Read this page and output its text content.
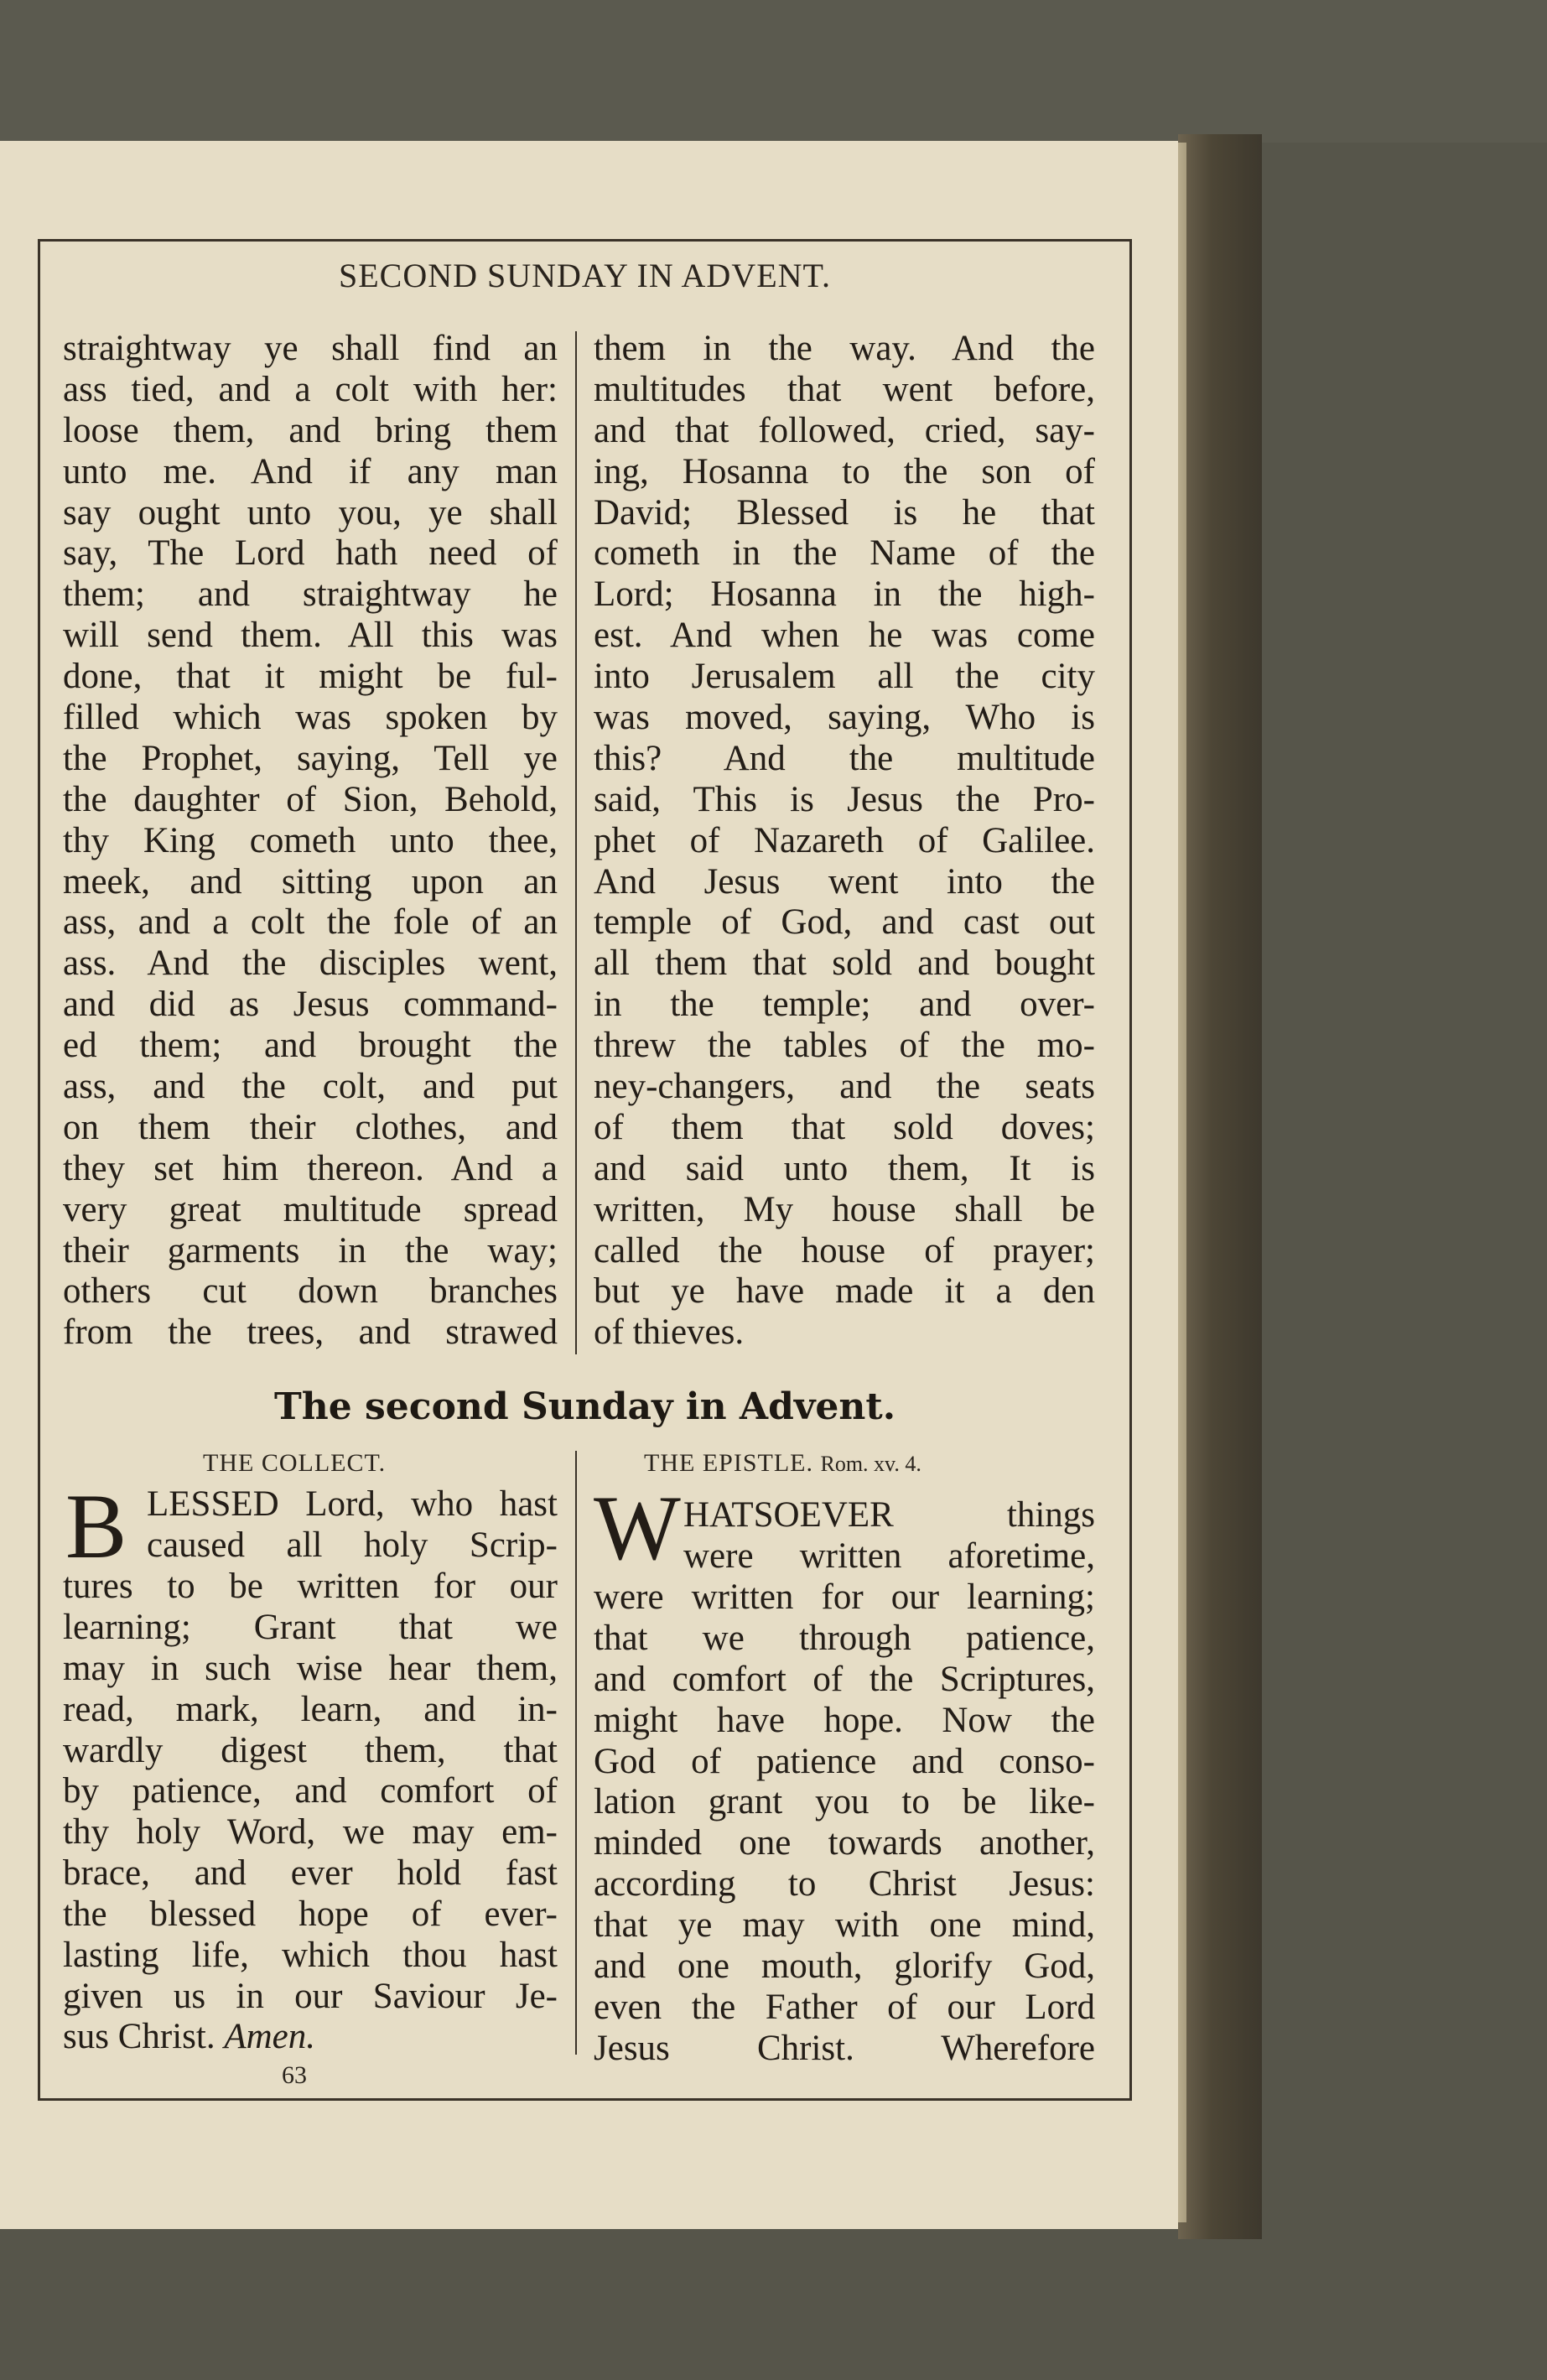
SECOND SUNDAY IN ADVENT.
straightway ye shall find an
ass tied, and a colt with her:
loose them, and bring them
unto me. And if any man
say ought unto you, ye shall
say, The Lord hath need of
them; and straightway he
will send them. All this was
done, that it might be ful-
filled which was spoken by
the Prophet, saying, Tell ye
the daughter of Sion, Behold,
thy King cometh unto thee,
meek, and sitting upon an
ass, and a colt the fole of an
ass. And the disciples went,
and did as Jesus command-
ed them; and brought the
ass, and the colt, and put
on them their clothes, and
they set him thereon. And a
very great multitude spread
their garments in the way;
others cut down branches
from the trees, and strawed
them in the way. And the
multitudes that went before,
and that followed, cried, say-
ing, Hosanna to the son of
David; Blessed is he that
cometh in the Name of the
Lord; Hosanna in the high-
est. And when he was come
into Jerusalem all the city
was moved, saying, Who is
this? And the multitude
said, This is Jesus the Pro-
phet of Nazareth of Galilee.
And Jesus went into the
temple of God, and cast out
all them that sold and bought
in the temple; and over-
threw the tables of the mo-
ney-changers, and the seats
of them that sold doves;
and said unto them, It is
written, My house shall be
called the house of prayer;
but ye have made it a den
of thieves.
The second Sunday in Advent.
THE COLLECT.
B LESSED Lord, who hast
caused all holy Scrip-
tures to be written for our
learning; Grant that we
may in such wise hear them,
read, mark, learn, and in-
wardly digest them, that
by patience, and comfort of
thy holy Word, we may em-
brace, and ever hold fast
the blessed hope of ever-
lasting life, which thou hast
given us in our Saviour Je-
sus Christ. Amen.
63
THE EPISTLE. Rom. xv. 4.
W HATSOEVER things
were written aforetime,
were written for our learning;
that we through patience,
and comfort of the Scriptures,
might have hope. Now the
God of patience and conso-
lation grant you to be like-
minded one towards another,
according to Christ Jesus:
that ye may with one mind,
and one mouth, glorify God,
even the Father of our Lord
Jesus Christ. Wherefore
